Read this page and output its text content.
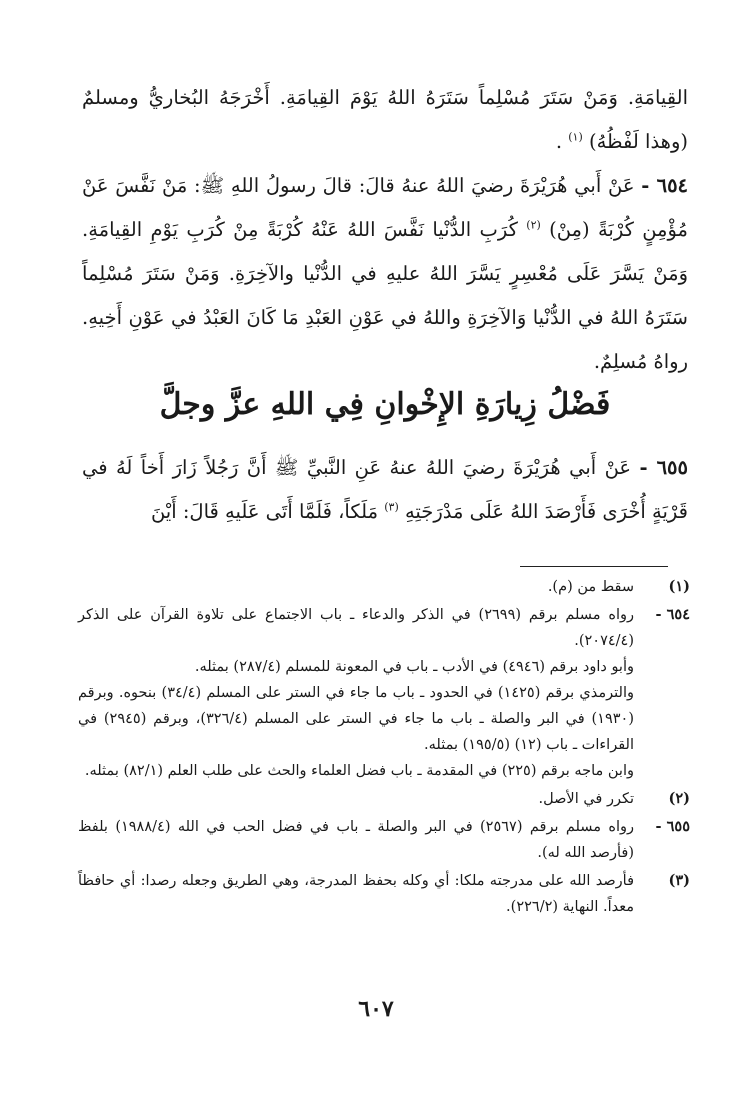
القِيامَةِ. وَمَنْ سَتَرَ مُسْلِماً سَتَرَهُ اللهُ يَوْمَ القِيامَةِ. أَخْرَجَهُ البُخاريُّ ومسلمٌ (وهذا لَفْظُهُ) $^{(١)}$ .
٦٥٤ - عَنْ أَبي هُرَيْرَةَ رضيَ اللهُ عنهُ قالَ: قالَ رسولُ اللهِ ﷺ: مَنْ نَفَّسَ عَنْ مُؤْمِنٍ كُرْبَةً (مِنْ) $^{(٢)}$ كُرَبِ الدُّنْيا نَفَّسَ اللهُ عَنْهُ كُرْبَةً مِنْ كُرَبِ يَوْمِ القِيامَةِ. وَمَنْ يَسَّرَ عَلَى مُعْسِرٍ يَسَّرَ اللهُ عليهِ في الدُّنْيا والآخِرَةِ. وَمَنْ سَتَرَ مُسْلِماً سَتَرَهُ اللهُ في الدُّنْيا وَالآخِرَةِ واللهُ في عَوْنِ العَبْدِ مَا كَانَ العَبْدُ في عَوْنِ أَخِيهِ. رواهُ مُسلِمٌ.
فَضْلُ زِيارَةِ الإِخْوانِ فِي اللهِ عزَّ وجلَّ
٦٥٥ - عَنْ أَبي هُرَيْرَةَ رضيَ اللهُ عنهُ عَنِ النَّبيِّ ﷺ أَنَّ رَجُلاً زَارَ أَخاً لَهُ في قَرْيَةٍ أُخْرَى فَأَرْصَدَ اللهُ عَلَى مَدْرَجَتِهِ $^{(٣)}$ مَلَكاً، فَلَمَّا أَتَى عَلَيهِ قَالَ: أَيْنَ
(١)

سقط من (م).

٦٥٤ -

رواه مسلم برقم (٢٦٩٩) في الذكر والدعاء ـ باب الاجتماع على تلاوة القرآن على الذكر (٢٠٧٤/٤).

وأبو داود برقم (٤٩٤٦) في الأدب ـ باب في المعونة للمسلم (٢٨٧/٤) بمثله.

والترمذي برقم (١٤٢٥) في الحدود ـ باب ما جاء في الستر على المسلم (٣٤/٤) بنحوه. وبرقم (١٩٣٠) في البر والصلة ـ باب ما جاء في الستر على المسلم (٣٢٦/٤)، وبرقم (٢٩٤٥) في القراءات ـ باب (١٢) (١٩٥/٥) بمثله.

وابن ماجه برقم (٢٢٥) في المقدمة ـ باب فضل العلماء والحث على طلب العلم (٨٢/١) بمثله.

(٢)

تكرر في الأصل.

٦٥٥ -

رواه مسلم برقم (٢٥٦٧) في البر والصلة ـ باب في فضل الحب في الله (١٩٨٨/٤) بلفظ (فأرصد الله له).

(٣)

فأرصد الله على مدرجته ملكا: أي وكله بحفظ المدرجة، وهي الطريق وجعله رصدا: أي حافظاً معداً. النهاية (٢٢٦/٢).

٦٠٧
